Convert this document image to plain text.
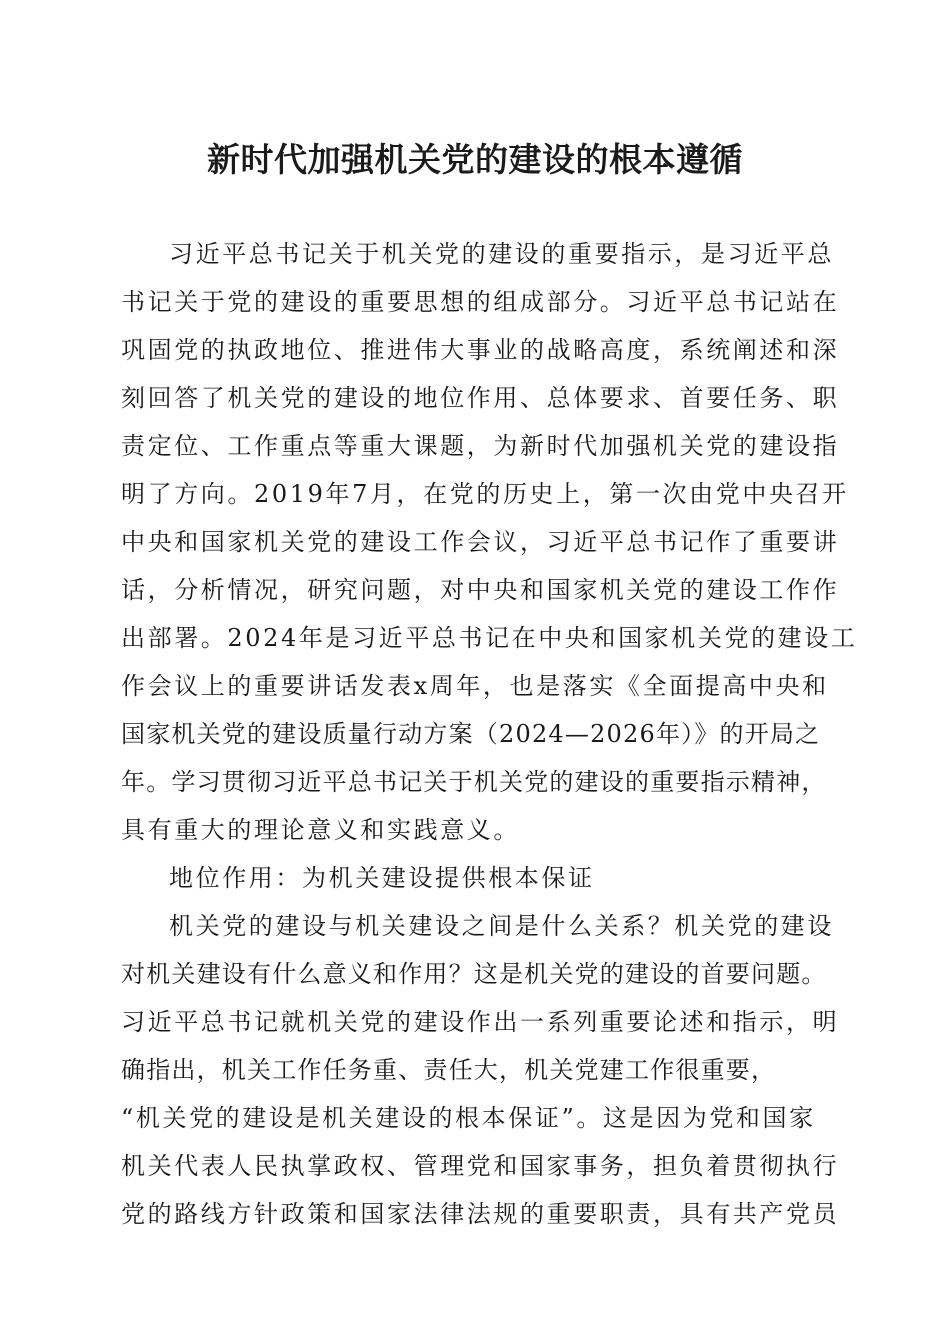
新时代加强机关党的建设的根本遵循
习近平总书记关于机关党的建设的重要指示，是习近平总
书记关于党的建设的重要思想的组成部分。习近平总书记站在
巩固党的执政地位、推进伟大事业的战略高度，系统阐述和深
刻回答了机关党的建设的地位作用、总体要求、首要任务、职
责定位、工作重点等重大课题，为新时代加强机关党的建设指
明了方向。2019年7月，在党的历史上，第一次由党中央召开
中央和国家机关党的建设工作会议，习近平总书记作了重要讲
话，分析情况，研究问题，对中央和国家机关党的建设工作作
出部署。2024年是习近平总书记在中央和国家机关党的建设工
作会议上的重要讲话发表x周年，也是落实《全面提高中央和
国家机关党的建设质量行动方案（2024—2026年）》的开局之
年。学习贯彻习近平总书记关于机关党的建设的重要指示精神，
具有重大的理论意义和实践意义。
地位作用：为机关建设提供根本保证
机关党的建设与机关建设之间是什么关系？机关党的建设
对机关建设有什么意义和作用？这是机关党的建设的首要问题。
习近平总书记就机关党的建设作出一系列重要论述和指示，明
确指出，机关工作任务重、责任大，机关党建工作很重要，
“机关党的建设是机关建设的根本保证”。这是因为党和国家
机关代表人民执掌政权、管理党和国家事务，担负着贯彻执行
党的路线方针政策和国家法律法规的重要职责，具有共产党员
